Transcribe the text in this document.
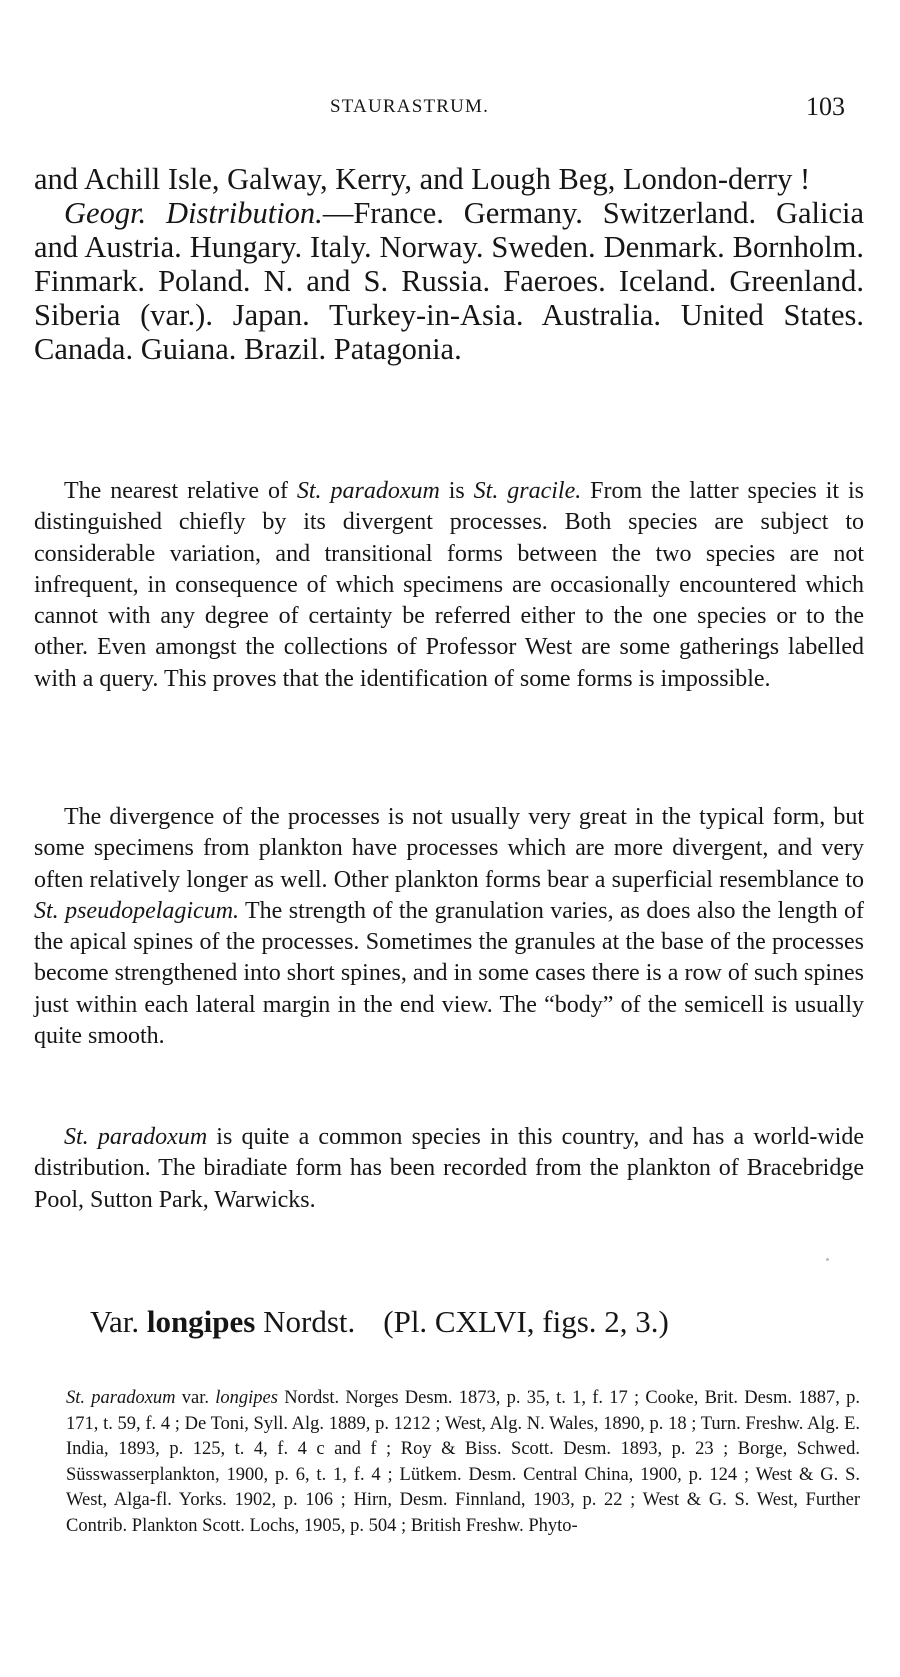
STAURASTRUM.	103

and Achill Isle, Galway, Kerry, and Lough Beg, London-derry !
Geogr. Distribution.—France. Germany. Switzerland. Galicia and Austria. Hungary. Italy. Norway. Sweden. Denmark. Bornholm. Finmark. Poland. N. and S. Russia. Faeroes. Iceland. Greenland. Siberia (var.). Japan. Turkey-in-Asia. Australia. United States. Canada. Guiana. Brazil. Patagonia.

The nearest relative of St. paradoxum is St. gracile. From the latter species it is distinguished chiefly by its divergent processes. Both species are subject to considerable variation, and transitional forms between the two species are not infrequent, in consequence of which specimens are occasionally encountered which cannot with any degree of certainty be referred either to the one species or to the other. Even amongst the collections of Professor West are some gatherings labelled with a query. This proves that the identification of some forms is impossible.

The divergence of the processes is not usually very great in the typical form, but some specimens from plankton have processes which are more divergent, and very often relatively longer as well. Other plankton forms bear a superficial resemblance to St. pseudopelagicum. The strength of the granulation varies, as does also the length of the apical spines of the processes. Sometimes the granules at the base of the processes become strengthened into short spines, and in some cases there is a row of such spines just within each lateral margin in the end view. The “body” of the semicell is usually quite smooth.

St. paradoxum is quite a common species in this country, and has a world-wide distribution. The biradiate form has been recorded from the plankton of Bracebridge Pool, Sutton Park, Warwicks.

Var. longipes Nordst. (Pl. CXLVI, figs. 2, 3.)

St. paradoxum var. longipes Nordst. Norges Desm. 1873, p. 35, t. 1, f. 17 ; Cooke, Brit. Desm. 1887, p. 171, t. 59, f. 4 ; De Toni, Syll. Alg. 1889, p. 1212 ; West, Alg. N. Wales, 1890, p. 18 ; Turn. Freshw. Alg. E. India, 1893, p. 125, t. 4, f. 4 c and f ; Roy & Biss. Scott. Desm. 1893, p. 23 ; Borge, Schwed. Süsswasserplankton, 1900, p. 6, t. 1, f. 4 ; Lütkem. Desm. Central China, 1900, p. 124 ; West & G. S. West, Alga-fl. Yorks. 1902, p. 106 ; Hirn, Desm. Finnland, 1903, p. 22 ; West & G. S. West, Further Contrib. Plankton Scott. Lochs, 1905, p. 504 ; British Freshw. Phyto-
